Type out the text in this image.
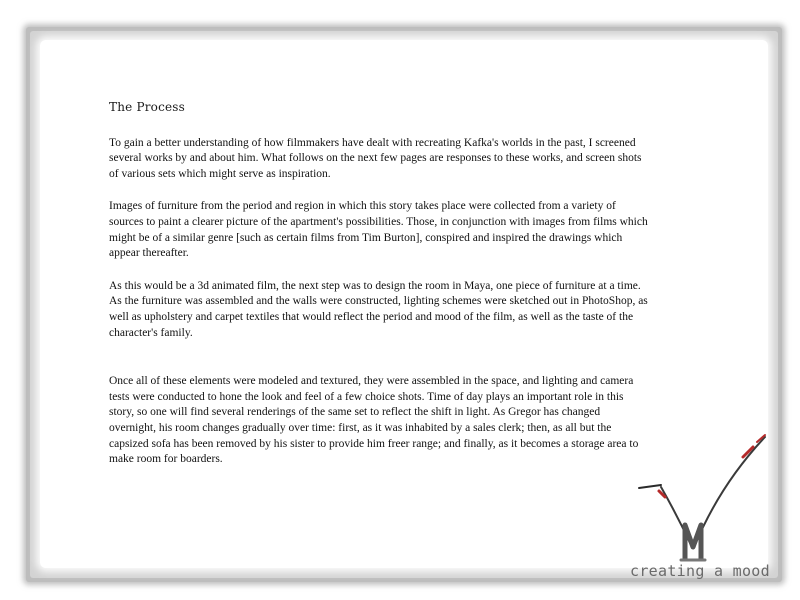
The Process

To gain a better understanding of how filmmakers have dealt with recreating Kafka's worlds in the past, I screened several works by and about him. What follows on the next few pages are responses to these works, and screen shots of various sets which might serve as inspiration.

Images of furniture from the period and region in which this story takes place were collected from a variety of sources to paint a clearer picture of the apartment's possibilities. Those, in conjunction with images from films which might be of a similar genre [such as certain films from Tim Burton], conspired and inspired the drawings which appear thereafter.

As this would be a 3d animated film, the next step was to design the room in Maya, one piece of furniture at a time. As the furniture was assembled and the walls were constructed, lighting schemes were sketched out in PhotoShop, as well as upholstery and carpet textiles that would reflect the period and mood of the film, as well as the taste of the character's family.

Once all of these elements were modeled and textured, they were assembled in the space, and lighting and camera tests were conducted to hone the look and feel of a few choice shots. Time of day plays an important role in this story, so one will find several renderings of the same set to reflect the shift in light. As Gregor has changed overnight, his room changes gradually over time: first, as it was inhabited by a sales clerk; then, as all but the capsized sofa has been removed by his sister to provide him freer range; and finally, as it becomes a storage area to make room for boarders.

creating a mood
